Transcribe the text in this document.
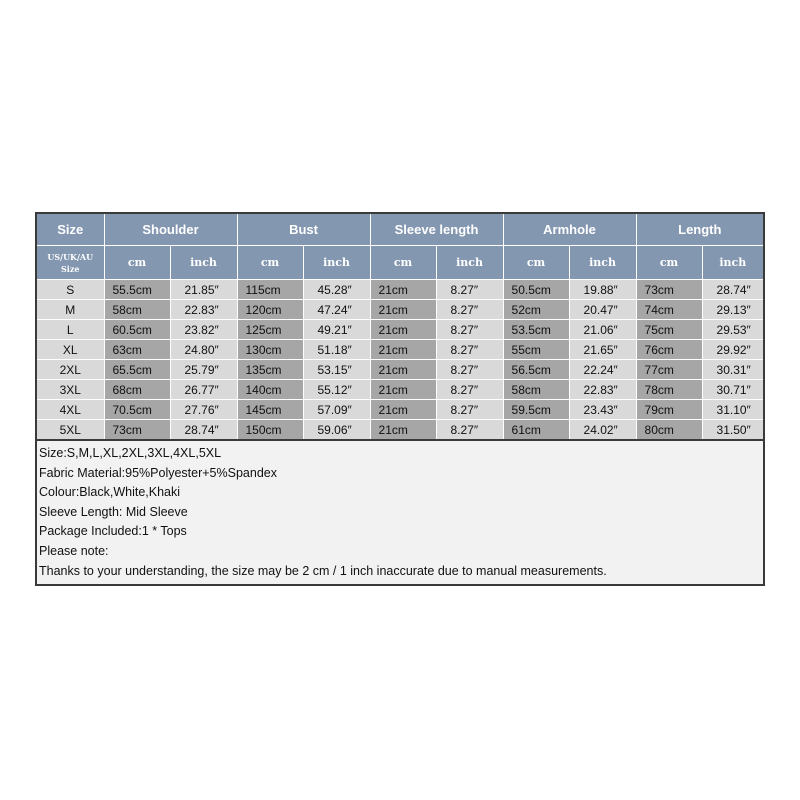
Size	Shoulder		Bust		Sleeve length		Armhole		Length	
US/UK/AU
Size	cm	inch	cm	inch	cm	inch	cm	inch	cm	inch
S	55.5cm	21.85″	115cm	45.28″	21cm	8.27″	50.5cm	19.88″	73cm	28.74″
M	58cm	22.83″	120cm	47.24″	21cm	8.27″	52cm	20.47″	74cm	29.13″
L	60.5cm	23.82″	125cm	49.21″	21cm	8.27″	53.5cm	21.06″	75cm	29.53″
XL	63cm	24.80″	130cm	51.18″	21cm	8.27″	55cm	21.65″	76cm	29.92″
2XL	65.5cm	25.79″	135cm	53.15″	21cm	8.27″	56.5cm	22.24″	77cm	30.31″
3XL	68cm	26.77″	140cm	55.12″	21cm	8.27″	58cm	22.83″	78cm	30.71″
4XL	70.5cm	27.76″	145cm	57.09″	21cm	8.27″	59.5cm	23.43″	79cm	31.10″
5XL	73cm	28.74″	150cm	59.06″	21cm	8.27″	61cm	24.02″	80cm	31.50″
Size:S,M,L,XL,2XL,3XL,4XL,5XL
Fabric Material:95%Polyester+5%Spandex
Colour:Black,White,Khaki
Sleeve Length: Mid Sleeve
Package Included:1 * Tops
Please note:
Thanks to your understanding, the size may be 2 cm / 1 inch inaccurate due to manual measurements.
